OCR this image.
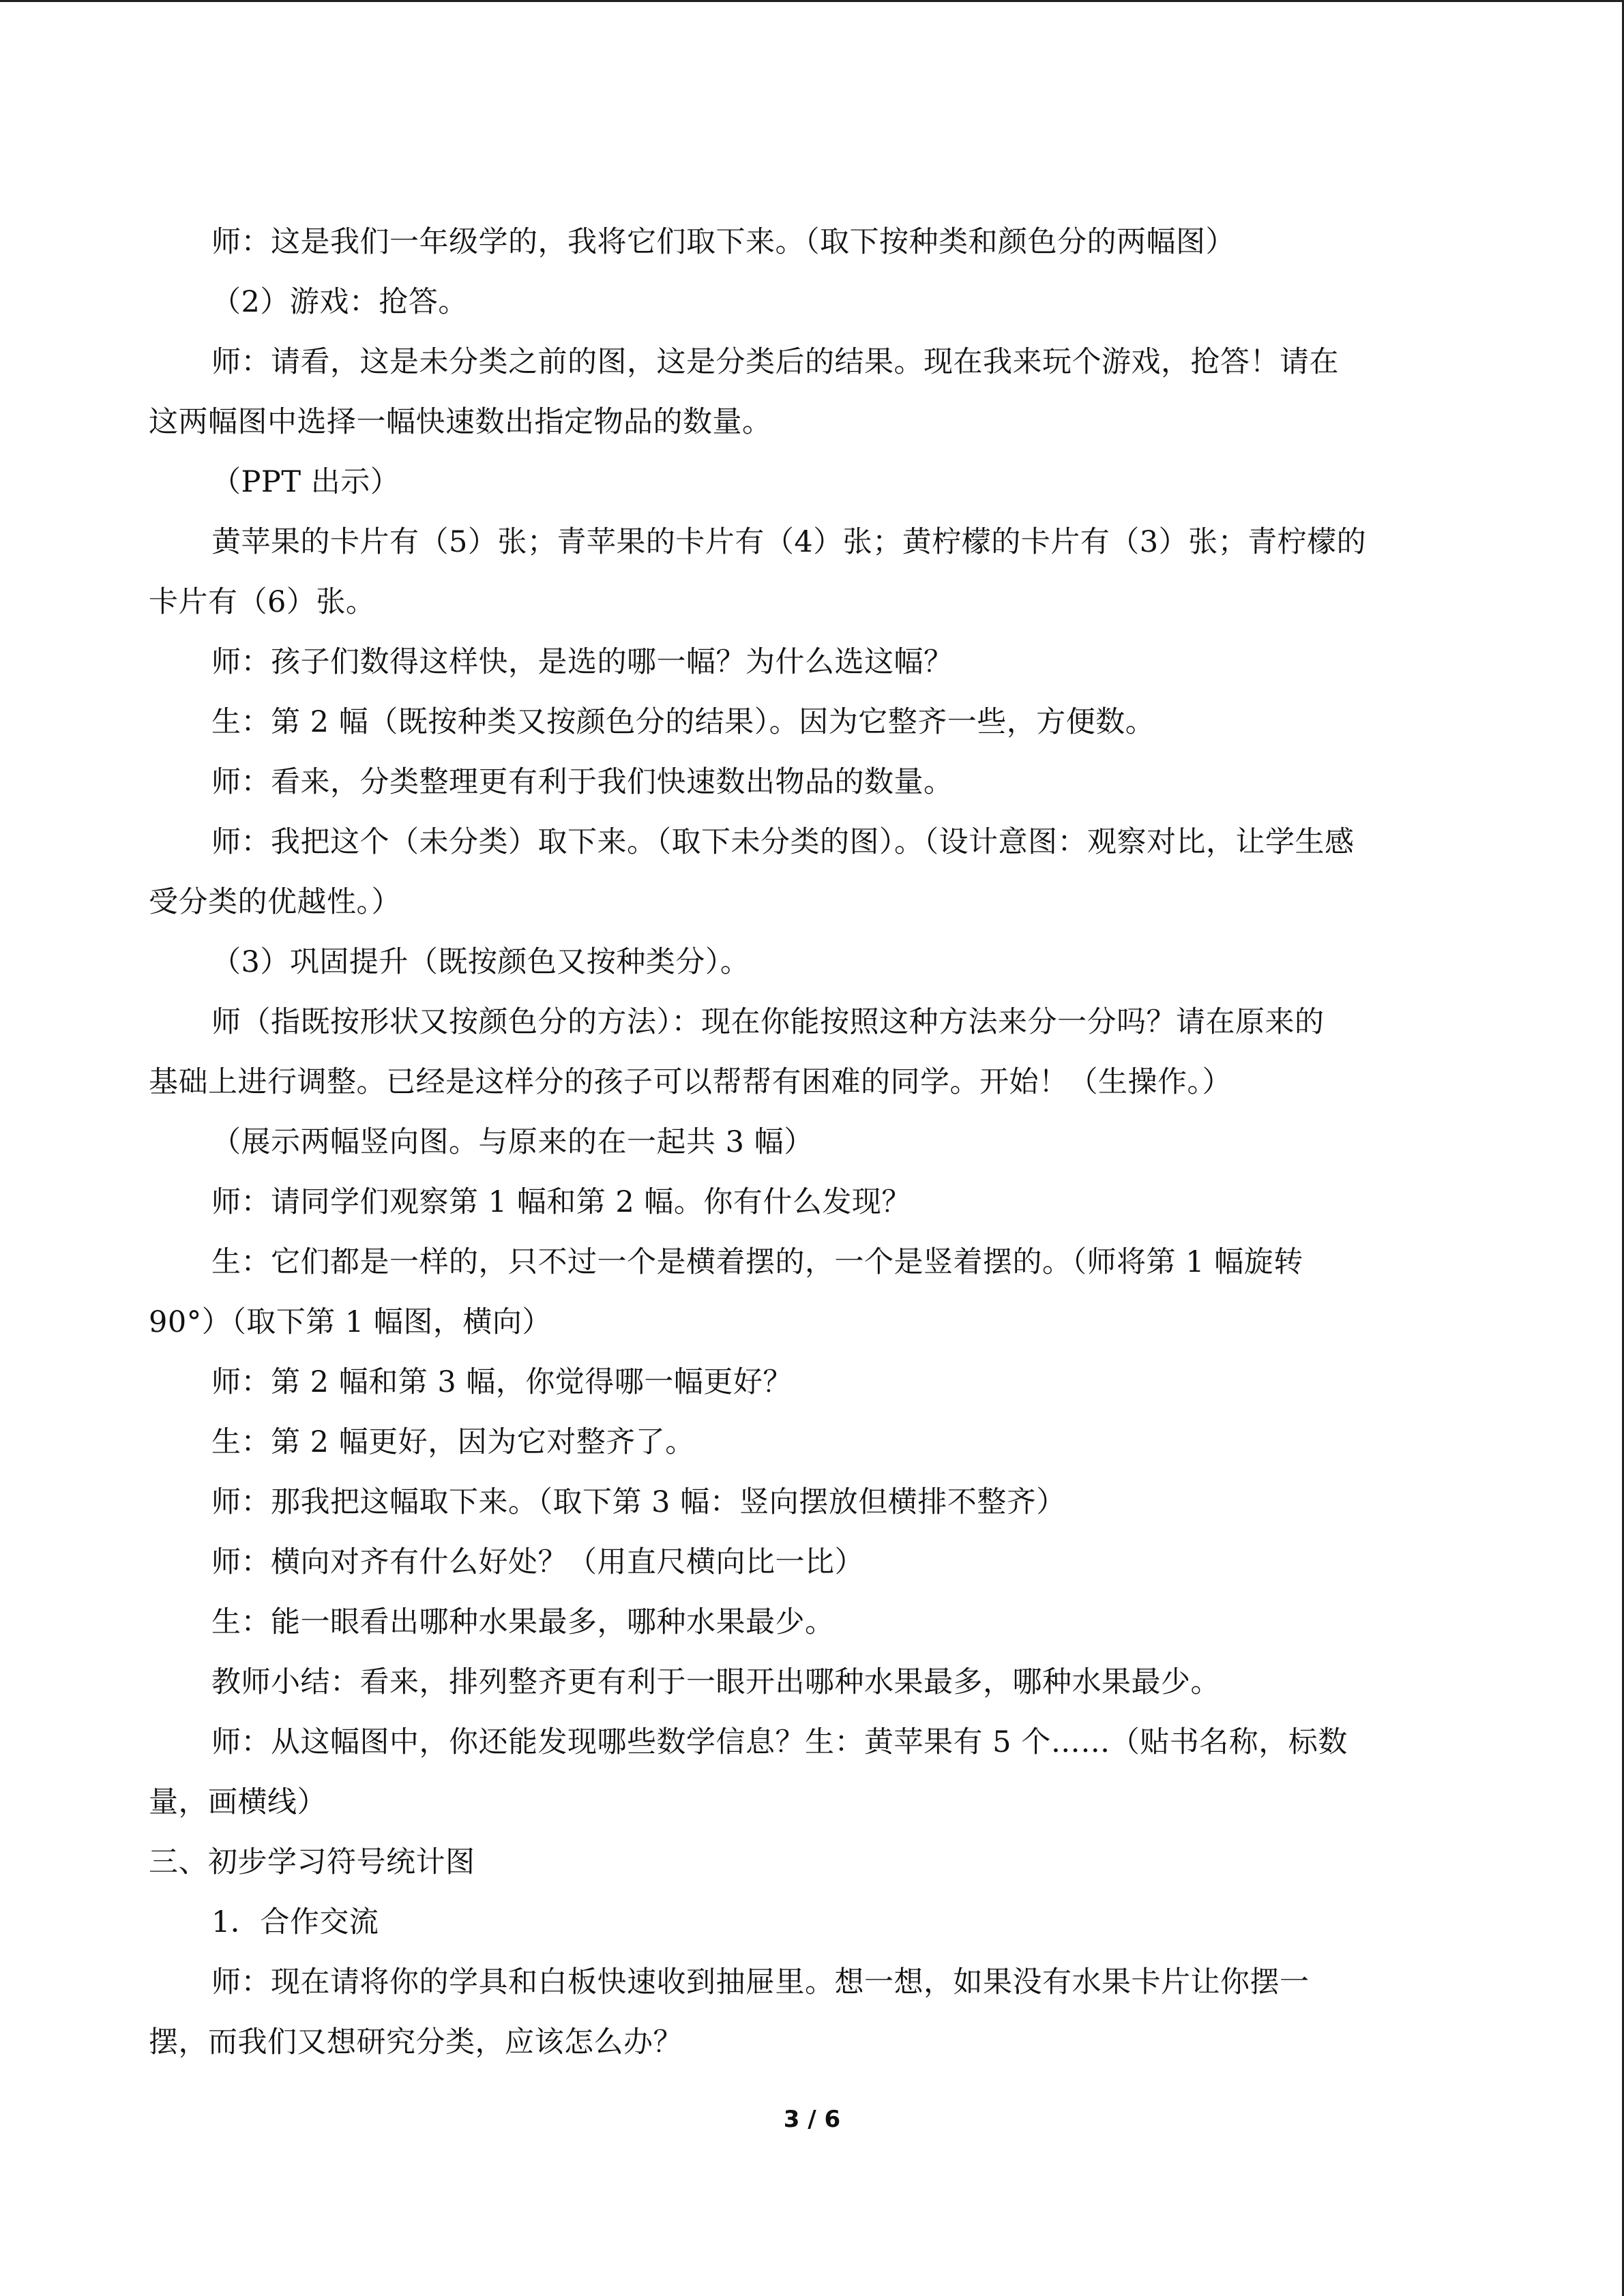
师：这是我们一年级学的，我将它们取下来。（取下按种类和颜色分的两幅图）
（2）游戏：抢答。
师：请看，这是未分类之前的图，这是分类后的结果。现在我来玩个游戏，抢答！请在
这两幅图中选择一幅快速数出指定物品的数量。
（PPT 出示）
黄苹果的卡片有（5）张；青苹果的卡片有（4）张；黄柠檬的卡片有（3）张；青柠檬的
卡片有（6）张。
师：孩子们数得这样快，是选的哪一幅？为什么选这幅？
生：第 2 幅（既按种类又按颜色分的结果）。因为它整齐一些，方便数。
师：看来，分类整理更有利于我们快速数出物品的数量。
师：我把这个（未分类）取下来。（取下未分类的图）。（设计意图：观察对比，让学生感
受分类的优越性。）
（3）巩固提升（既按颜色又按种类分）。
师（指既按形状又按颜色分的方法）：现在你能按照这种方法来分一分吗？请在原来的
基础上进行调整。已经是这样分的孩子可以帮帮有困难的同学。开始！（生操作。）
（展示两幅竖向图。与原来的在一起共 3 幅）
师：请同学们观察第 1 幅和第 2 幅。你有什么发现？
生：它们都是一样的，只不过一个是横着摆的，一个是竖着摆的。（师将第 1 幅旋转
90°）（取下第 1 幅图，横向）
师：第 2 幅和第 3 幅，你觉得哪一幅更好？
生：第 2 幅更好，因为它对整齐了。
师：那我把这幅取下来。（取下第 3 幅：竖向摆放但横排不整齐）
师：横向对齐有什么好处？（用直尺横向比一比）
生：能一眼看出哪种水果最多，哪种水果最少。
教师小结：看来，排列整齐更有利于一眼开出哪种水果最多，哪种水果最少。
师：从这幅图中，你还能发现哪些数学信息？生：黄苹果有 5 个……（贴书名称，标数
量，画横线）
三、初步学习符号统计图
1．合作交流
师：现在请将你的学具和白板快速收到抽屉里。想一想，如果没有水果卡片让你摆一
摆，而我们又想研究分类，应该怎么办？
3 / 6
